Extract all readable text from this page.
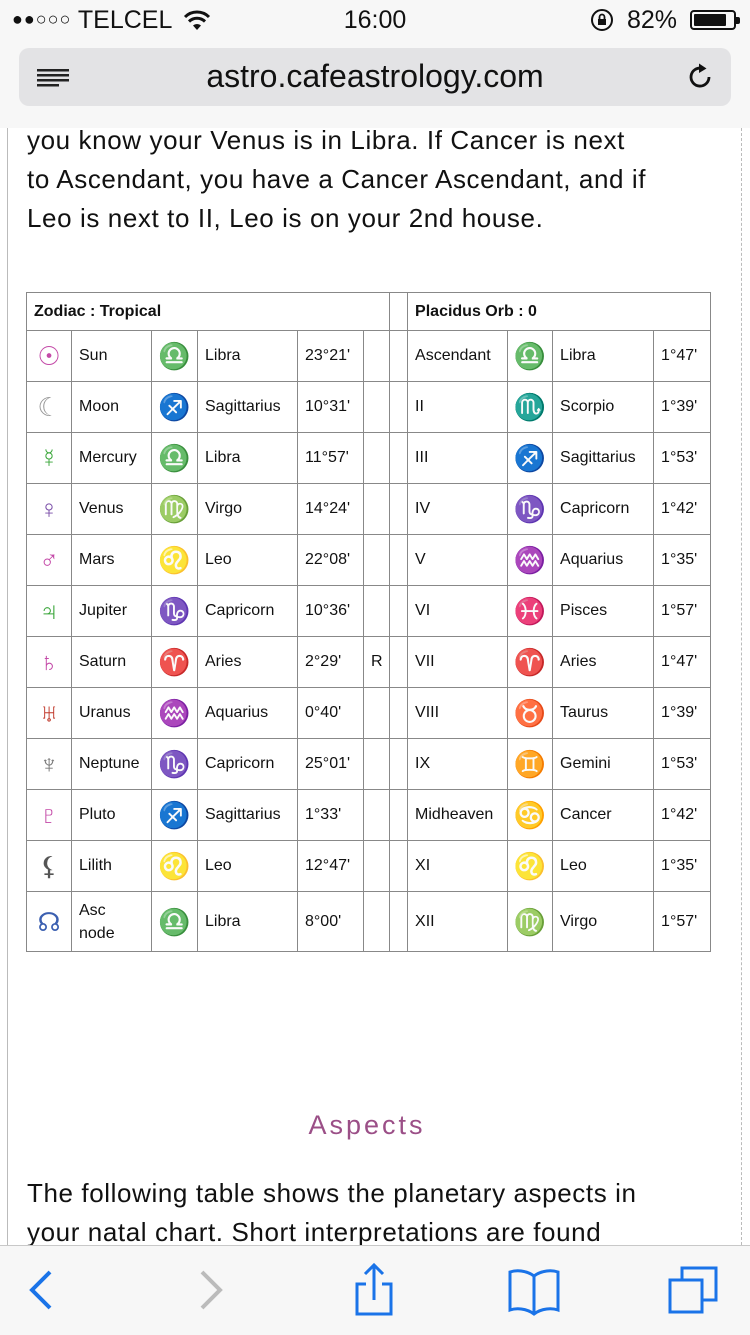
●●○○○ TELCEL	16:00	82%
astro.cafeastrology.com

you know your Venus is in Libra. If Cancer is next
to Ascendant, you have a Cancer Ascendant, and if
Leo is next to II, Leo is on your 2nd house.

Zodiac : Tropical							Placidus Orb : 0			
☉	Sun	♎	Libra	23°21'			Ascendant	♎	Libra	1°47'
☾	Moon	♐	Sagittarius	10°31'			II	♏	Scorpio	1°39'
☿	Mercury	♎	Libra	11°57'			III	♐	Sagittarius	1°53'
♀	Venus	♍	Virgo	14°24'			IV	♑	Capricorn	1°42'
♂	Mars	♌	Leo	22°08'			V	♒	Aquarius	1°35'
♃	Jupiter	♑	Capricorn	10°36'			VI	♓	Pisces	1°57'
♄	Saturn	♈	Aries	2°29'	R		VII	♈	Aries	1°47'
♅	Uranus	♒	Aquarius	0°40'			VIII	♉	Taurus	1°39'
♆	Neptune	♑	Capricorn	25°01'			IX	♊	Gemini	1°53'
♇	Pluto	♐	Sagittarius	1°33'			Midheaven	♋	Cancer	1°42'
⚸	Lilith	♌	Leo	12°47'			XI	♌	Leo	1°35'
☊	Asc
node	♎	Libra	8°00'			XII	♍	Virgo	1°57'
Aspects

The following table shows the planetary aspects in
your natal chart. Short interpretations are found
